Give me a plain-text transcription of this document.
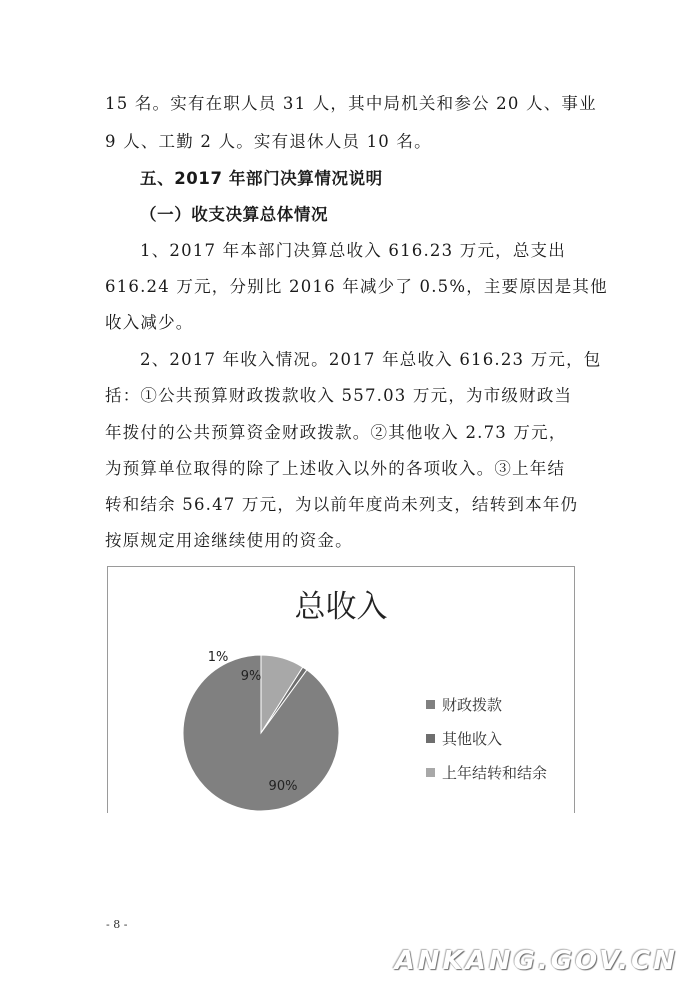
15 名。实有在职人员 31 人，其中局机关和参公 20 人、事业
9 人、工勤 2 人。实有退休人员 10 名。
五、2017 年部门决算情况说明
（一）收支决算总体情况
1、2017 年本部门决算总收入 616.23 万元，总支出
616.24 万元，分别比 2016 年减少了 0.5%，主要原因是其他
收入减少。
2、2017 年收入情况。2017 年总收入 616.23 万元，包
括：①公共预算财政拨款收入 557.03 万元，为市级财政当
年拨付的公共预算资金财政拨款。②其他收入 2.73 万元，
为预算单位取得的除了上述收入以外的各项收入。③上年结
转和结余 56.47 万元，为以前年度尚未列支，结转到本年仍
按原规定用途继续使用的资金。
总收入
90%
1%
9%
财政拨款
其他收入
上年结转和结余
- 8 -
ANKANG.GOV.CN
